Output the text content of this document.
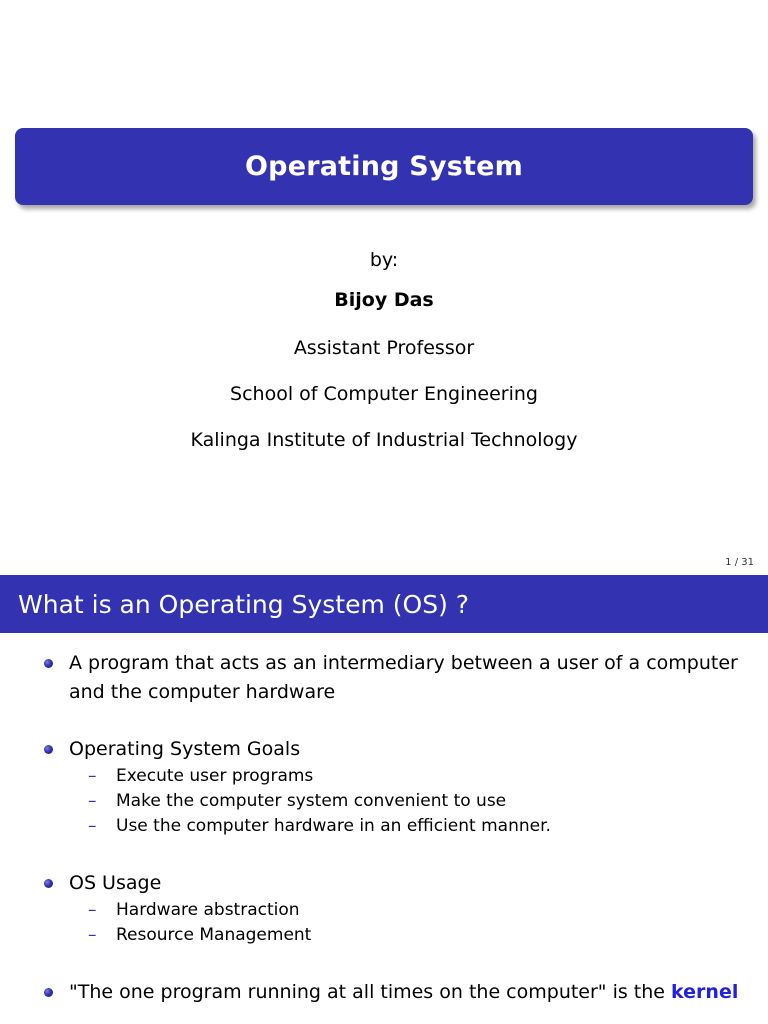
Operating System
by:
Bijoy Das
Assistant Professor
School of Computer Engineering
Kalinga Institute of Industrial Technology
1 / 31
What is an Operating System (OS) ?
A program that acts as an intermediary between a user of a computer and the computer hardware
Operating System Goals
– Execute user programs
– Make the computer system convenient to use
– Use the computer hardware in an efficient manner.
OS Usage
– Hardware abstraction
– Resource Management
"The one program running at all times on the computer" is the kernel
